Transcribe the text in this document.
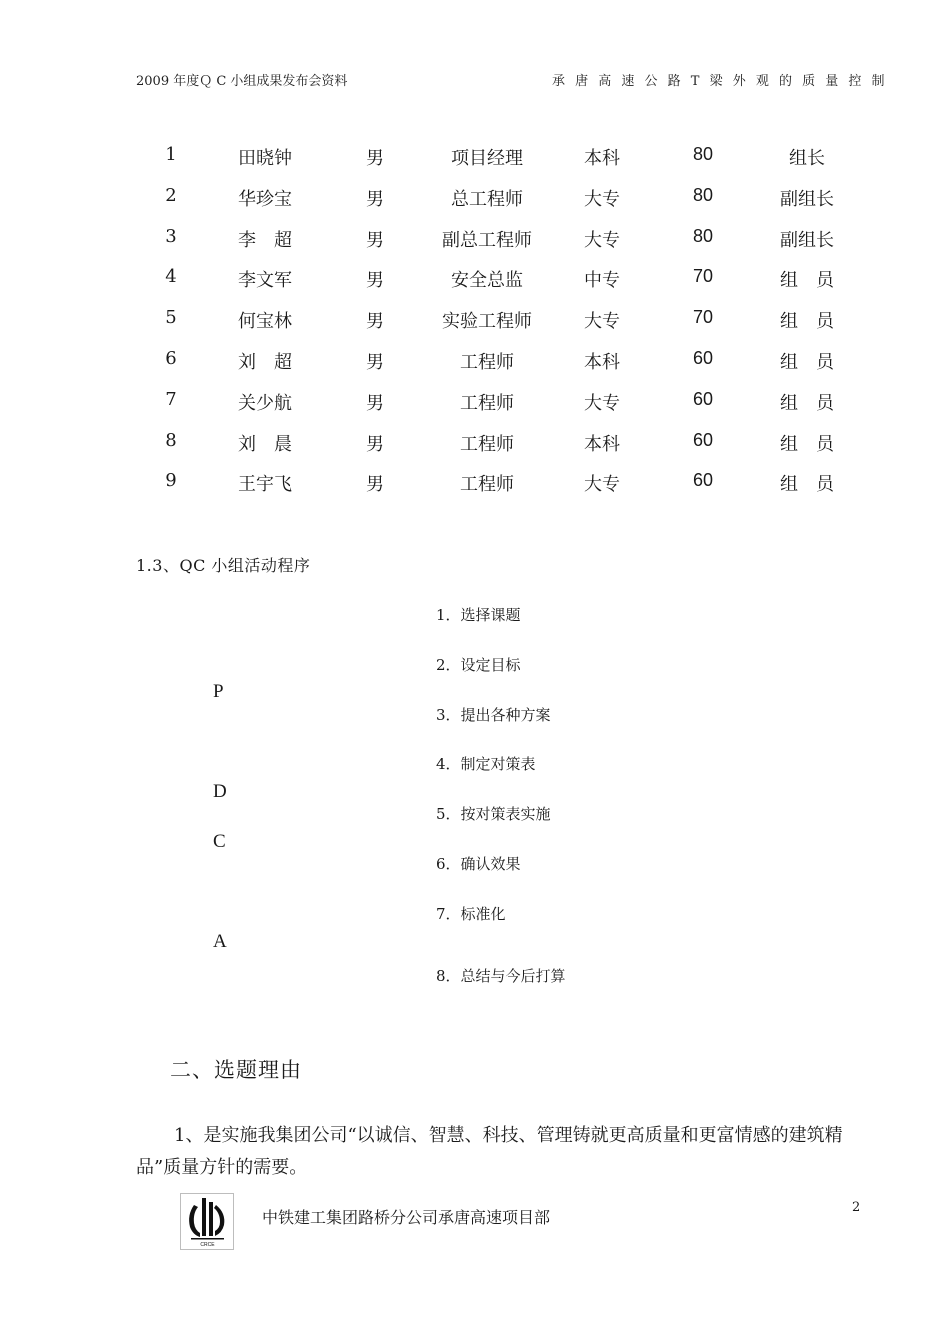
2009 年度Ｑ C 小组成果发布会资料	承 唐 高 速 公 路 T 梁 外 观 的 质 量 控 制
1	田晓钟	男	项目经理	本科	80	组长
2	华珍宝	男	总工程师	大专	80	副组长
3	李　超	男	副总工程师	大专	80	副组长
4	李文军	男	安全总监	中专	70	组　员
5	何宝林	男	实验工程师	大专	70	组　员
6	刘　超	男	工程师	本科	60	组　员
7	关少航	男	工程师	大专	60	组　员
8	刘　晨	男	工程师	本科	60	组　员
9	王宇飞	男	工程师	大专	60	组　员
1.3、QC 小组活动程序
P
D
C
A
1．选择课题
2．设定目标
3．提出各种方案
4．制定对策表
5．按对策表实施
6．确认效果
7．标准化
8．总结与今后打算
二、选题理由
1、是实施我集团公司“以诚信、智慧、科技、管理铸就更高质量和更富情感的建筑精品”质量方针的需要。
CRCE
中铁建工集团路桥分公司承唐高速项目部
2
